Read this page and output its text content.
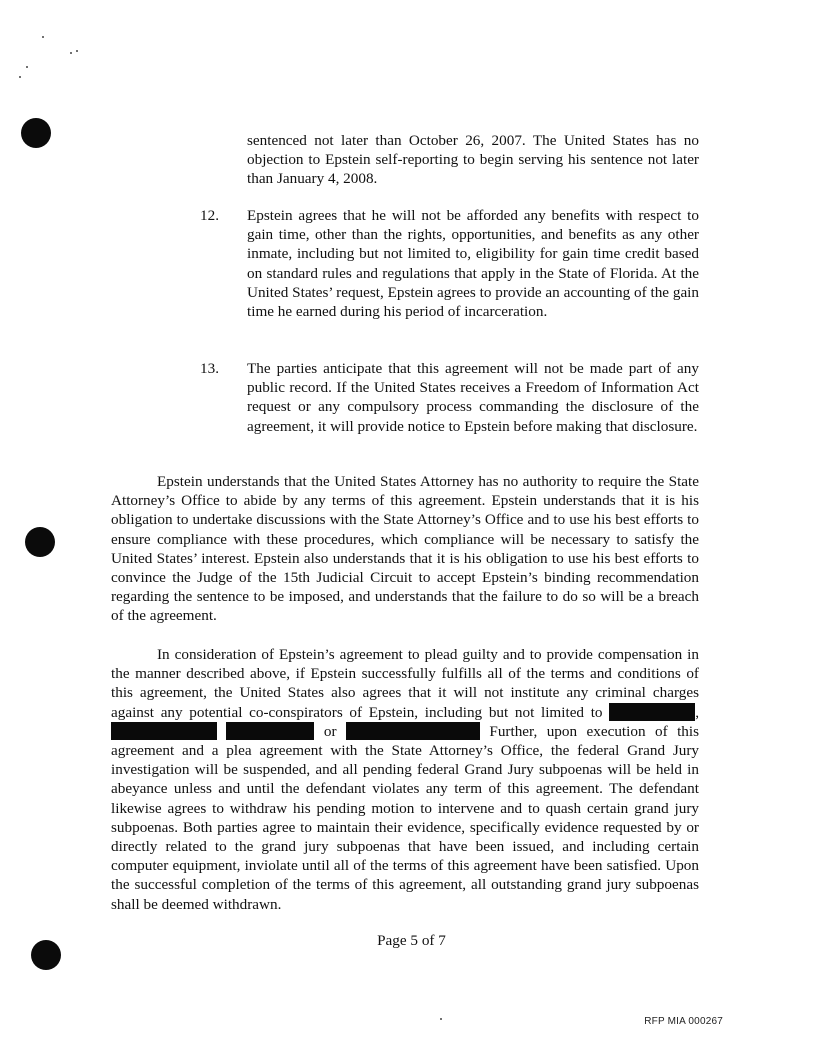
sentenced not later than October 26, 2007. The United States has no objection to Epstein self-reporting to begin serving his sentence not later than January 4, 2008.
12. Epstein agrees that he will not be afforded any benefits with respect to gain time, other than the rights, opportunities, and benefits as any other inmate, including but not limited to, eligibility for gain time credit based on standard rules and regulations that apply in the State of Florida. At the United States’ request, Epstein agrees to provide an accounting of the gain time he earned during his period of incarceration.
13. The parties anticipate that this agreement will not be made part of any public record. If the United States receives a Freedom of Information Act request or any compulsory process commanding the disclosure of the agreement, it will provide notice to Epstein before making that disclosure.
Epstein understands that the United States Attorney has no authority to require the State Attorney’s Office to abide by any terms of this agreement. Epstein understands that it is his obligation to undertake discussions with the State Attorney’s Office and to use his best efforts to ensure compliance with these procedures, which compliance will be necessary to satisfy the United States’ interest. Epstein also understands that it is his obligation to use his best efforts to convince the Judge of the 15th Judicial Circuit to accept Epstein’s binding recommendation regarding the sentence to be imposed, and understands that the failure to do so will be a breach of the agreement.
In consideration of Epstein’s agreement to plead guilty and to provide compensation in the manner described above, if Epstein successfully fulfills all of the terms and conditions of this agreement, the United States also agrees that it will not institute any criminal charges against any potential co-conspirators of Epstein, including but not limited to	,   or	Further, upon execution of this agreement and a plea agreement with the State Attorney’s Office, the federal Grand Jury investigation will be suspended, and all pending federal Grand Jury subpoenas will be held in abeyance unless and until the defendant violates any term of this agreement. The defendant likewise agrees to withdraw his pending motion to intervene and to quash certain grand jury subpoenas. Both parties agree to maintain their evidence, specifically evidence requested by or directly related to the grand jury subpoenas that have been issued, and including certain computer equipment, inviolate until all of the terms of this agreement have been satisfied. Upon the successful completion of the terms of this agreement, all outstanding grand jury subpoenas shall be deemed withdrawn.
Page 5 of 7
RFP MIA 000267
